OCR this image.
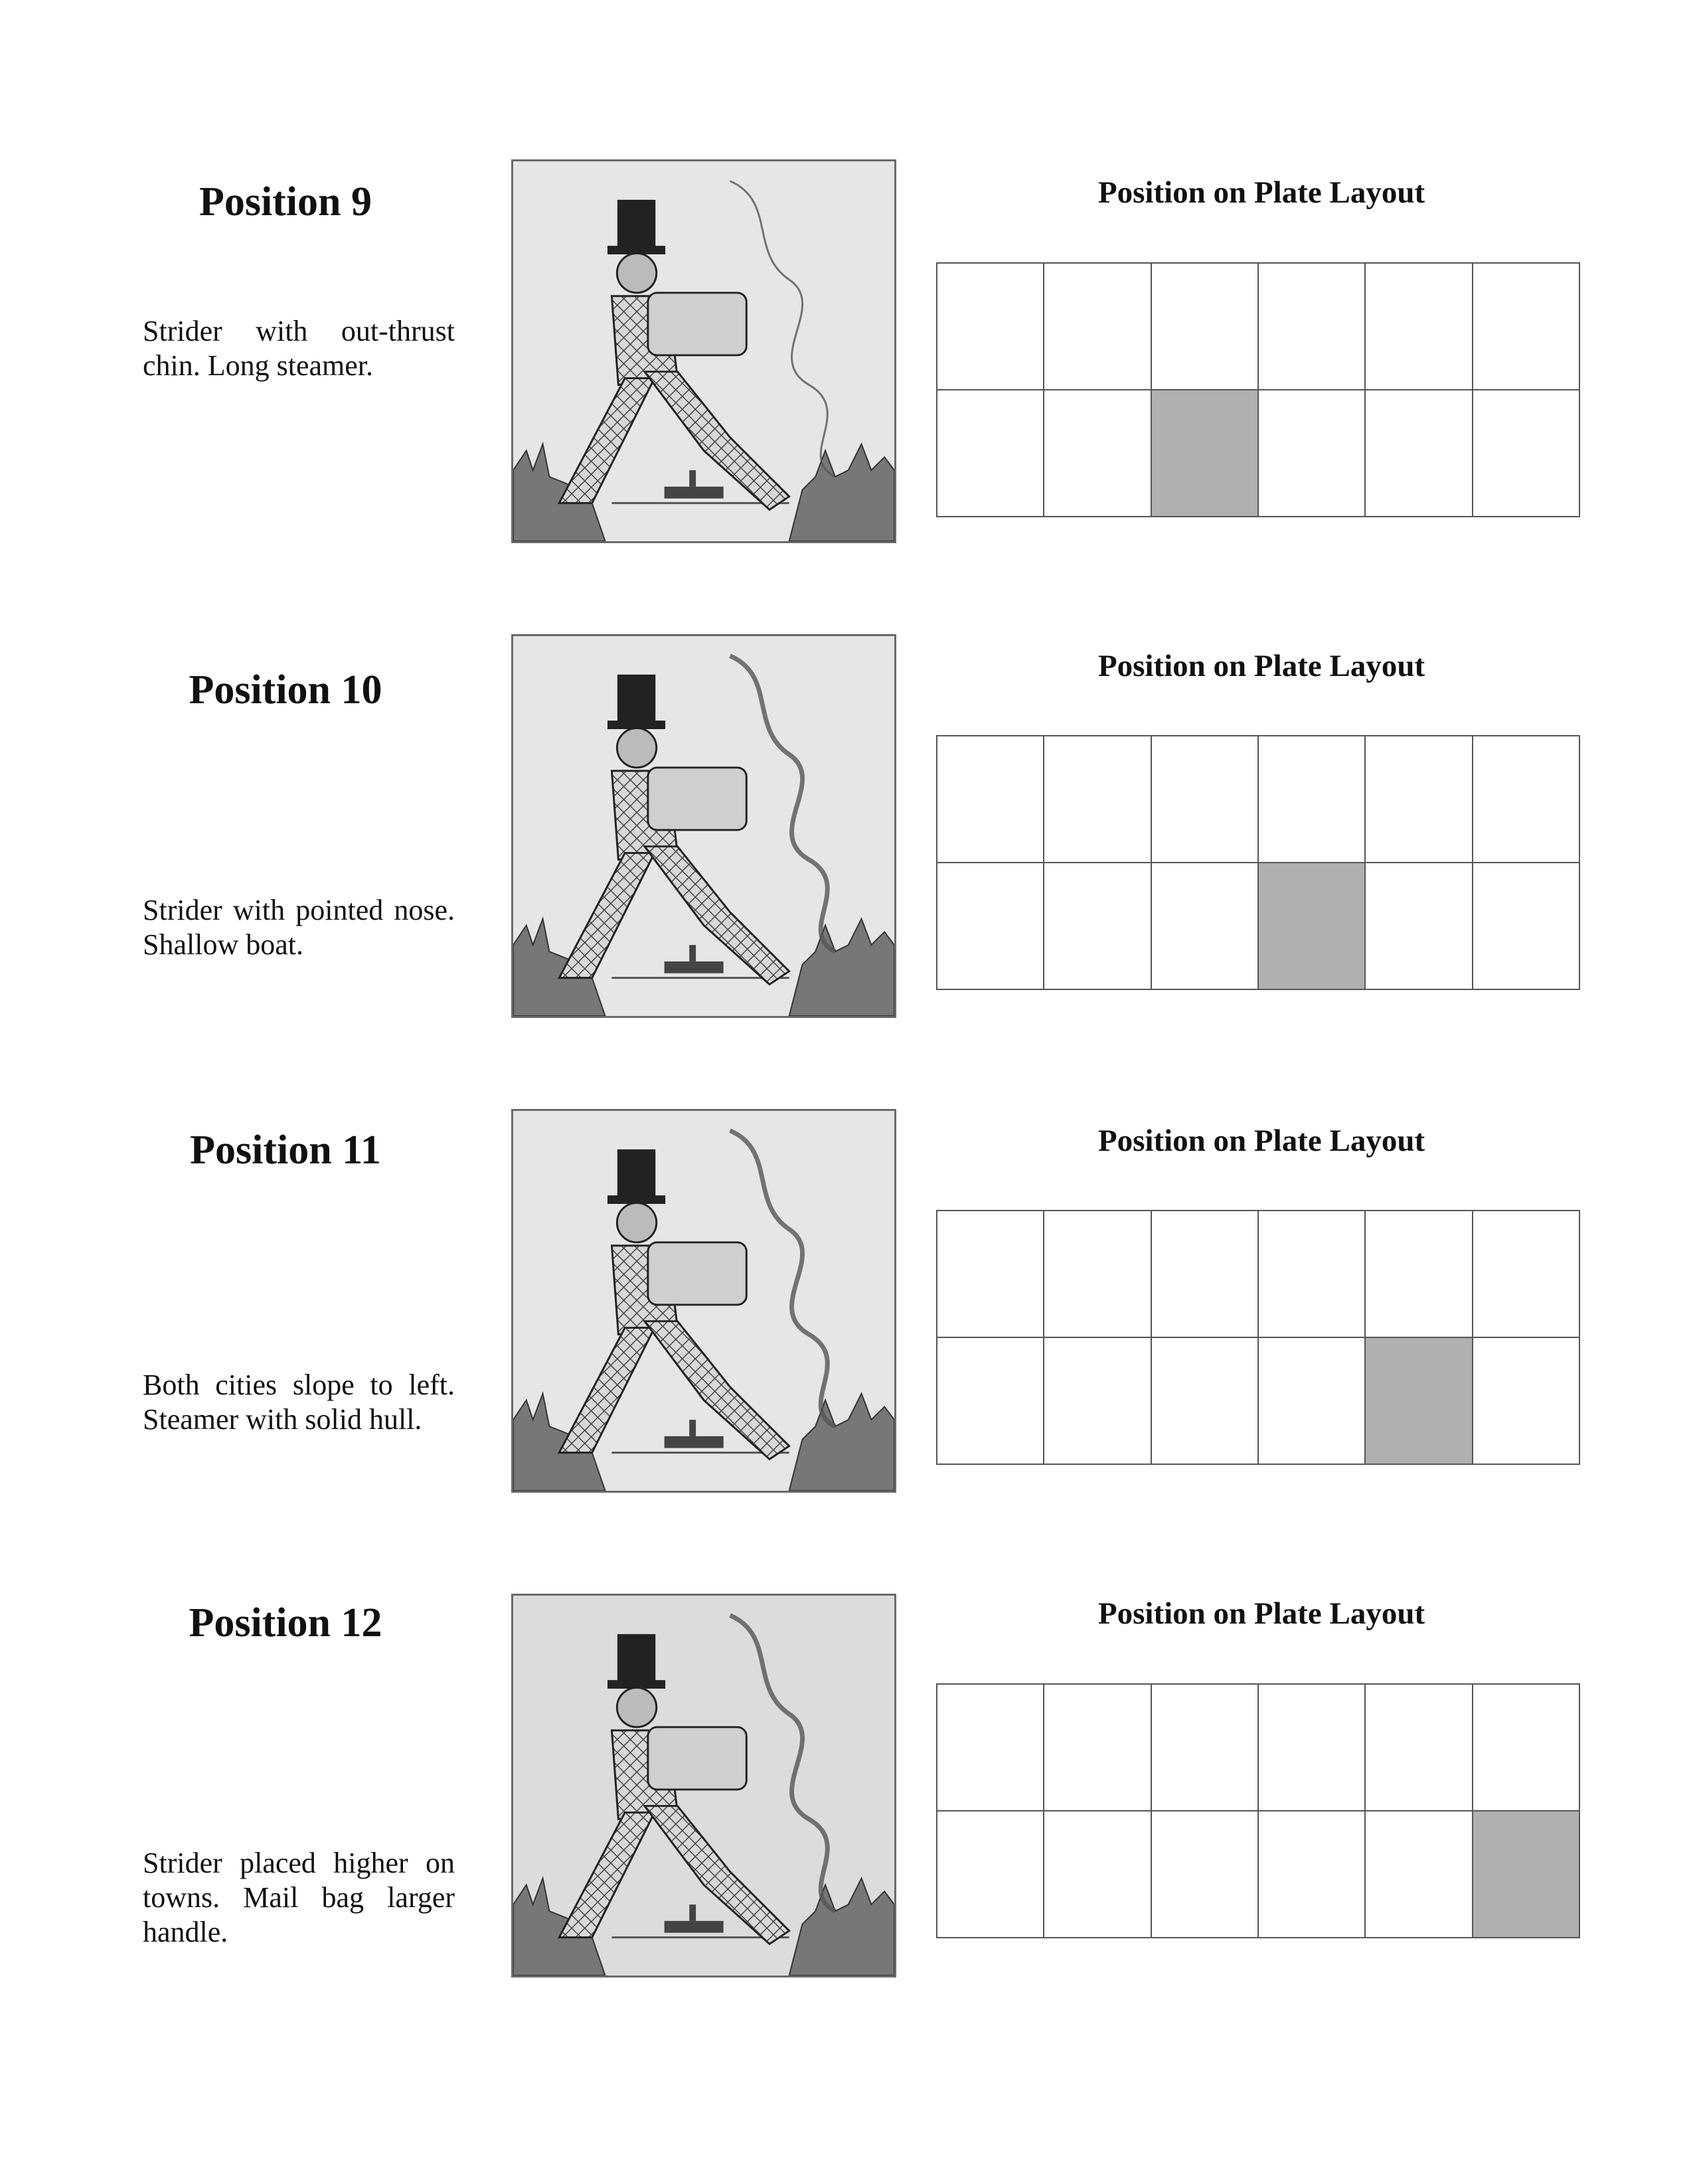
Position 9

Strider with out-thrust chin. Long steamer.

Position on Plate Layout
Position 10

Strider with pointed nose. Shallow boat.

Position on Plate Layout
Position 11

Both cities slope to left. Steamer with solid hull.

Position on Plate Layout
Position 12

Strider placed higher on towns. Mail bag larger handle.

Position on Plate Layout
